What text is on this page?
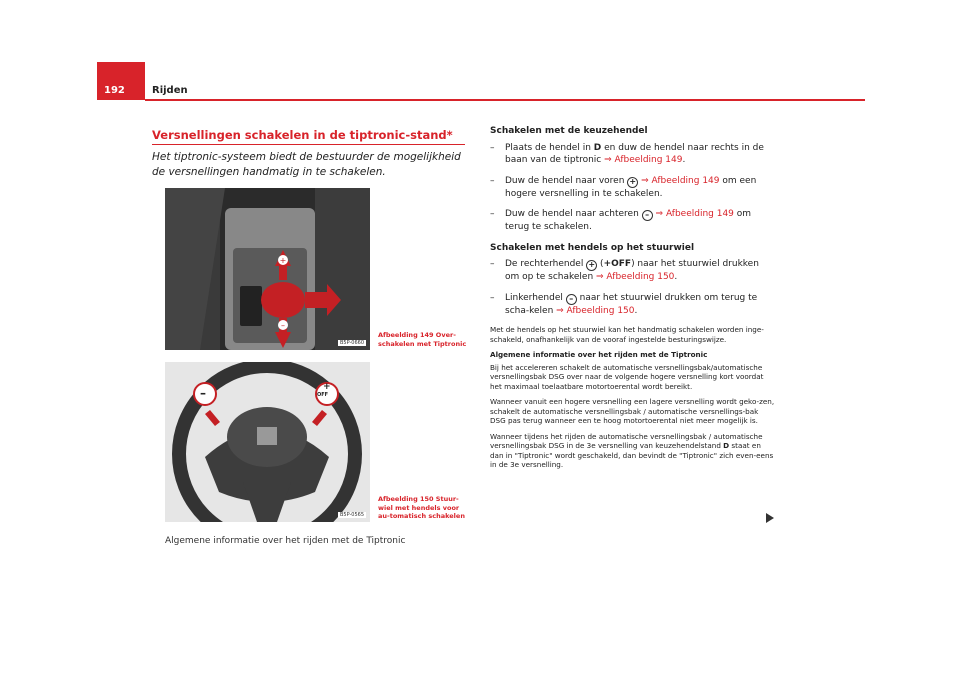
192	Rijden
Versnellingen schakelen in de tiptronic-stand*
Het tiptronic-systeem biedt de bestuurder de mogelijkheid de versnellingen handmatig in te schakelen.
+
–
B5P-0660
Afbeelding 149 Over-schakelen met Tiptronic
–	+
OFF
B5P-0565
Afbeelding 150 Stuur-wiel met hendels voor au-tomatisch schakelen
Algemene informatie over het rijden met de Tiptronic
Schakelen met de keuzehendel
– Plaats de hendel in D en duw de hendel naar rechts in de baan van de tiptronic ⇒ Afbeelding 149.
– Duw de hendel naar voren + ⇒ Afbeelding 149 om een hogere versnelling in te schakelen.
– Duw de hendel naar achteren – ⇒ Afbeelding 149 om terug te schakelen.
Schakelen met hendels op het stuurwiel
– De rechterhendel + (+OFF) naar het stuurwiel drukken om op te schakelen ⇒ Afbeelding 150.
– Linkerhendel – naar het stuurwiel drukken om terug te scha-kelen ⇒ Afbeelding 150.
Met de hendels op het stuurwiel kan het handmatig schakelen worden inge-schakeld, onafhankelijk van de vooraf ingestelde besturingswijze.
Algemene informatie over het rijden met de Tiptronic
Bij het accelereren schakelt de automatische versnellingsbak/automatische versnellingsbak DSG over naar de volgende hogere versnelling kort voordat het maximaal toelaatbare motortoerental wordt bereikt.
Wanneer vanuit een hogere versnelling een lagere versnelling wordt geko-zen, schakelt de automatische versnellingsbak / automatische versnellings-bak DSG pas terug wanneer een te hoog motortoerental niet meer mogelijk is.
Wanneer tijdens het rijden de automatische versnellingsbak / automatische versnellingsbak DSG in de 3e versnelling van keuzehendelstand D staat en dan in "Tiptronic" wordt geschakeld, dan bevindt de "Tiptronic" zich even-eens in de 3e versnelling.
